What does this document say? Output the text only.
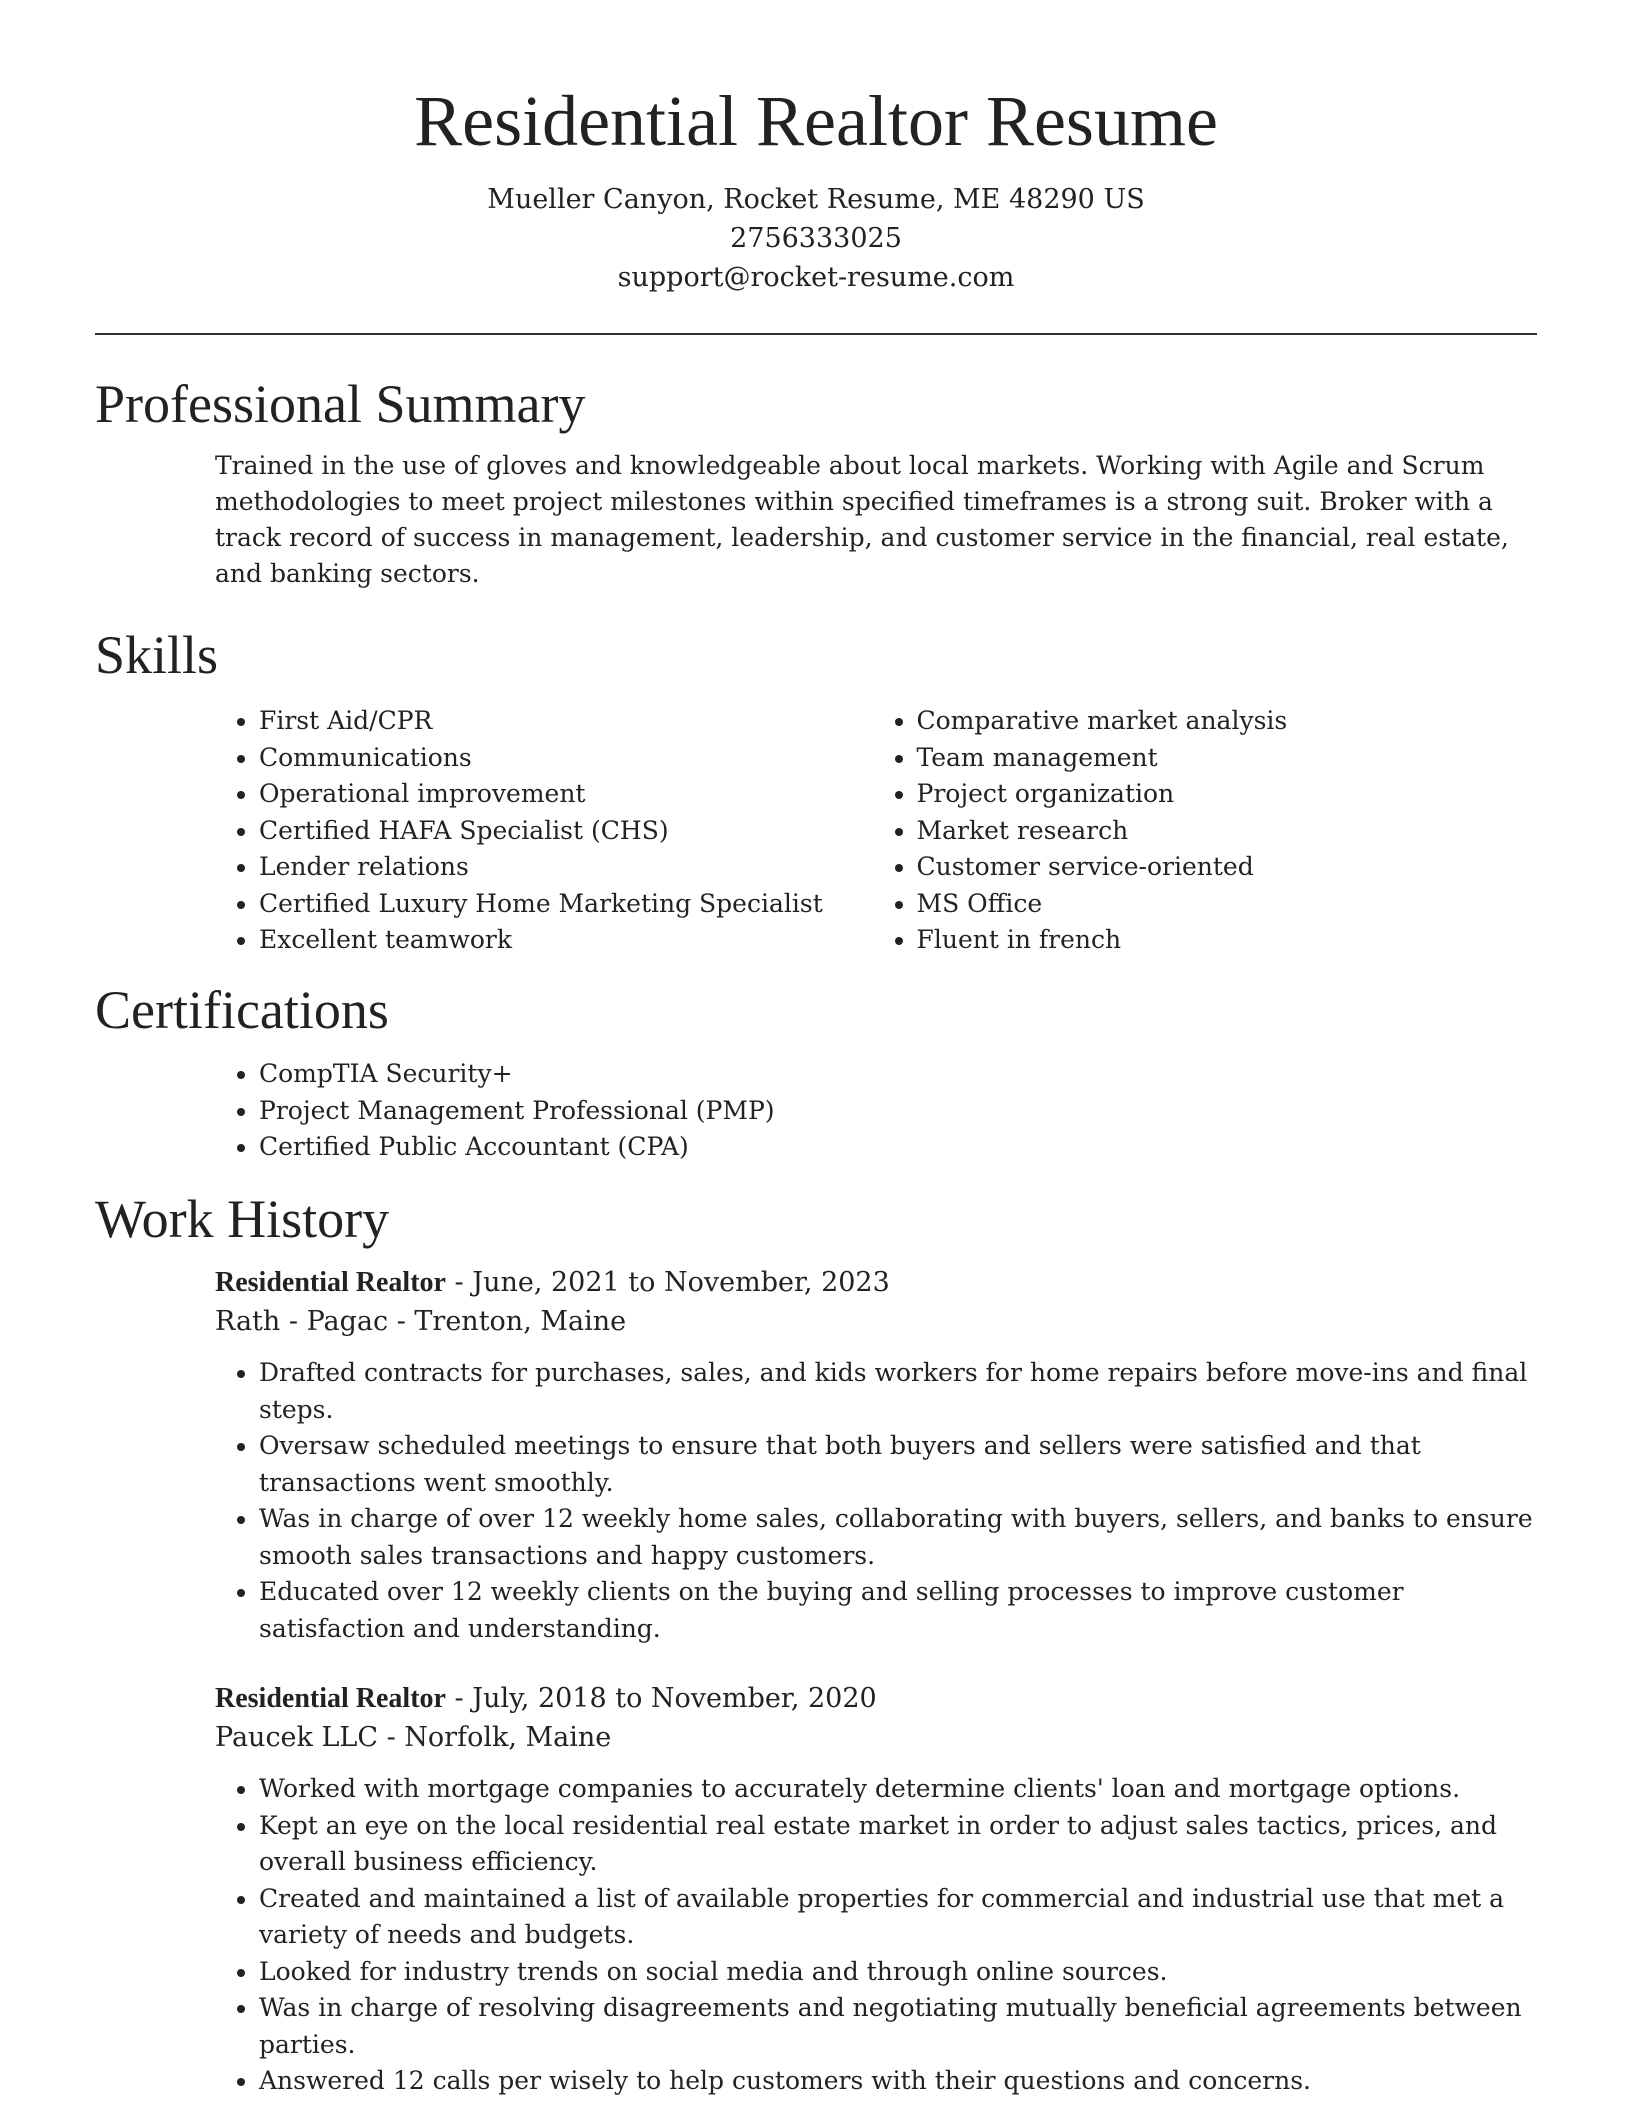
Residential Realtor Resume

Mueller Canyon, Rocket Resume, ME 48290 US

2756333025

support@rocket-resume.com

Professional Summary

Trained in the use of gloves and knowledgeable about local markets. Working with Agile and Scrum methodologies to meet project milestones within specified timeframes is a strong suit. Broker with a track record of success in management, leadership, and customer service in the financial, real estate, and banking sectors.

Skills
• First Aid/CPR
• Communications
• Operational improvement
• Certified HAFA Specialist (CHS)
• Lender relations
• Certified Luxury Home Marketing Specialist
• Excellent teamwork
• Comparative market analysis
• Team management
• Project organization
• Market research
• Customer service-oriented
• MS Office
• Fluent in french
Certifications
• CompTIA Security+
• Project Management Professional (PMP)
• Certified Public Accountant (CPA)
Work History

Residential Realtor - June, 2021 to November, 2023

Rath - Pagac - Trenton, Maine

• Drafted contracts for purchases, sales, and kids workers for home repairs before move-ins and final steps.
• Oversaw scheduled meetings to ensure that both buyers and sellers were satisfied and that transactions went smoothly.
• Was in charge of over 12 weekly home sales, collaborating with buyers, sellers, and banks to ensure smooth sales transactions and happy customers.
• Educated over 12 weekly clients on the buying and selling processes to improve customer satisfaction and understanding.

Residential Realtor - July, 2018 to November, 2020

Paucek LLC - Norfolk, Maine

• Worked with mortgage companies to accurately determine clients' loan and mortgage options.
• Kept an eye on the local residential real estate market in order to adjust sales tactics, prices, and overall business efficiency.
• Created and maintained a list of available properties for commercial and industrial use that met a variety of needs and budgets.
• Looked for industry trends on social media and through online sources.
• Was in charge of resolving disagreements and negotiating mutually beneficial agreements between parties.
• Answered 12 calls per wisely to help customers with their questions and concerns.
